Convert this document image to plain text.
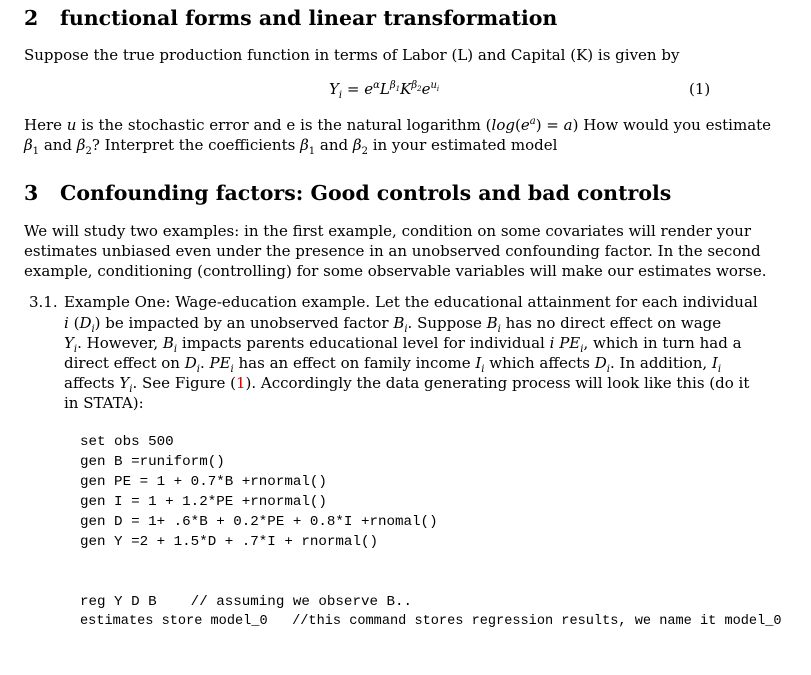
2 functional forms and linear transformation
Suppose the true production function in terms of Labor (L) and Capital (K) is given by
$Y_i = e^\alpha L^{\beta_1}K^{\beta_2}e^{u_i}$	(1)
Here u is the stochastic error and e is the natural logarithm $(\log(e^a) = a)$ How would you estimate
$\beta_1$ and $\beta_2$? Interpret the coefficients $\beta_1$ and $\beta_2$ in your estimated model
3 Confounding factors: Good controls and bad controls
We will study two examples: in the first example, condition on some covariates will render your
estimates unbiased even under the presence in an unobserved confounding factor. In the second
example, conditioning (controlling) for some observable variables will make our estimates worse.
3.1. Example One: Wage-education example. Let the educational attainment for each individual
i $(D_i)$ be impacted by an unobserved factor $B_i$. Suppose $B_i$ has no direct effect on wage
$Y_i$. However, $B_i$ impacts parents educational level for individual i $PE_i$, which in turn had a
direct effect on $D_i$. $PE_i$ has an effect on family income $I_i$ which affects $D_i$. In addition, $I_i$
affects $Y_i$. See Figure (1). Accordingly the data generating process will look like this (do it
in STATA):
set obs 500
gen B =runiform()
gen PE = 1 + 0.7*B +rnormal()
gen I = 1 + 1.2*PE +rnormal()
gen D = 1+ .6*B + 0.2*PE + 0.8*I +rnomal()
gen Y =2 + 1.5*D + .7*I + rnormal()
reg Y D B    // assuming we observe B..
estimates store model_0   //this command stores regression results, we name it model_0
